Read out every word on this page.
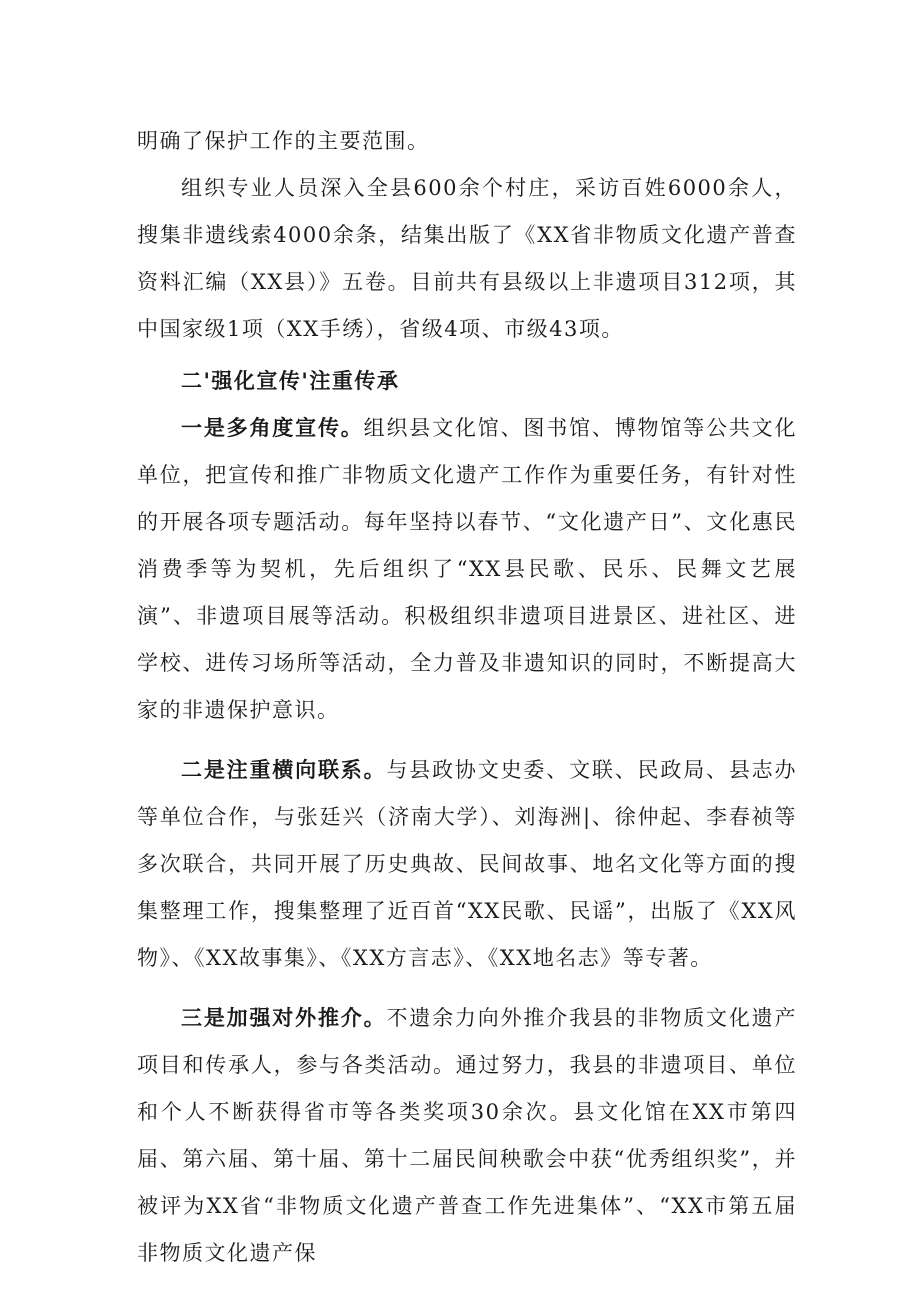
明确了保护工作的主要范围。

组织专业人员深入全县600余个村庄，采访百姓6000余人，搜集非遗线索4000余条，结集出版了《XX省非物质文化遗产普查资料汇编（XX县）》五卷。目前共有县级以上非遗项目312项，其中国家级1项（XX手绣），省级4项、市级43项。

二'强化宣传'注重传承

一是多角度宣传。组织县文化馆、图书馆、博物馆等公共文化单位，把宣传和推广非物质文化遗产工作作为重要任务，有针对性的开展各项专题活动。每年坚持以春节、“文化遗产日”、文化惠民消费季等为契机，先后组织了“XX县民歌、民乐、民舞文艺展演”、非遗项目展等活动。积极组织非遗项目进景区、进社区、进学校、进传习场所等活动，全力普及非遗知识的同时，不断提高大家的非遗保护意识。

二是注重横向联系。与县政协文史委、文联、民政局、县志办等单位合作，与张廷兴（济南大学）、刘海洲|、徐仲起、李春祯等多次联合，共同开展了历史典故、民间故事、地名文化等方面的搜集整理工作，搜集整理了近百首“XX民歌、民谣”，出版了《XX风物》、《XX故事集》、《XX方言志》、《XX地名志》等专著。

三是加强对外推介。不遗余力向外推介我县的非物质文化遗产项目和传承人，参与各类活动。通过努力，我县的非遗项目、单位和个人不断获得省市等各类奖项30余次。县文化馆在XX市第四届、第六届、第十届、第十二届民间秧歌会中获“优秀组织奖”，并被评为XX省“非物质文化遗产普查工作先进集体”、“XX市第五届非物质文化遗产保
